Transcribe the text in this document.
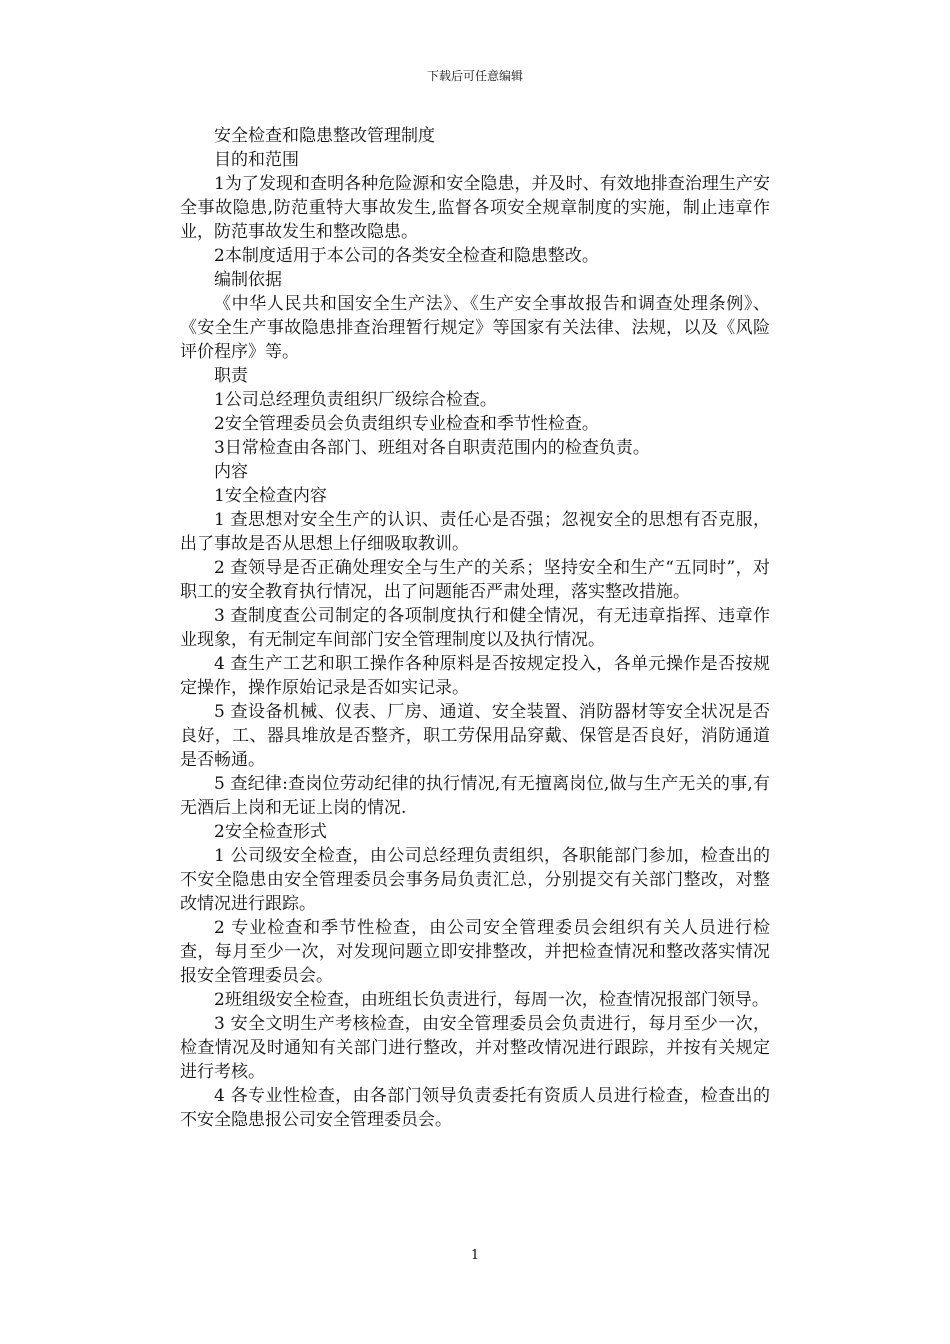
下载后可任意编辑

安全检查和隐患整改管理制度

目的和范围

1为了发现和查明各种危险源和安全隐患，并及时、有效地排查治理生产安全事故隐患,防范重特大事故发生,监督各项安全规章制度的实施，制止违章作业，防范事故发生和整改隐患。

2本制度适用于本公司的各类安全检查和隐患整改。

编制依据

《中华人民共和国安全生产法》、《生产安全事故报告和调查处理条例》、《安全生产事故隐患排查治理暂行规定》等国家有关法律、法规，以及《风险评价程序》等。

职责

1公司总经理负责组织厂级综合检查。

2安全管理委员会负责组织专业检查和季节性检查。

3日常检查由各部门、班组对各自职责范围内的检查负责。

内容

1安全检查内容

1 查思想对安全生产的认识、责任心是否强；忽视安全的思想有否克服，出了事故是否从思想上仔细吸取教训。

2 查领导是否正确处理安全与生产的关系；坚持安全和生产“五同时”，对职工的安全教育执行情况，出了问题能否严肃处理，落实整改措施。

3 查制度查公司制定的各项制度执行和健全情况，有无违章指挥、违章作业现象，有无制定车间部门安全管理制度以及执行情况。

4 查生产工艺和职工操作各种原料是否按规定投入，各单元操作是否按规定操作，操作原始记录是否如实记录。

5 查设备机械、仪表、厂房、通道、安全装置、消防器材等安全状况是否良好，工、器具堆放是否整齐，职工劳保用品穿戴、保管是否良好，消防通道是否畅通。

5 查纪律:查岗位劳动纪律的执行情况,有无擅离岗位,做与生产无关的事,有无酒后上岗和无证上岗的情况.

2安全检查形式

1 公司级安全检查，由公司总经理负责组织，各职能部门参加，检查出的不安全隐患由安全管理委员会事务局负责汇总，分别提交有关部门整改，对整改情况进行跟踪。

2 专业检查和季节性检查，由公司安全管理委员会组织有关人员进行检查，每月至少一次，对发现问题立即安排整改，并把检查情况和整改落实情况报安全管理委员会。

2班组级安全检查，由班组长负责进行，每周一次，检查情况报部门领导。

3 安全文明生产考核检查，由安全管理委员会负责进行，每月至少一次，检查情况及时通知有关部门进行整改，并对整改情况进行跟踪，并按有关规定进行考核。

4 各专业性检查，由各部门领导负责委托有资质人员进行检查，检查出的不安全隐患报公司安全管理委员会。

1
